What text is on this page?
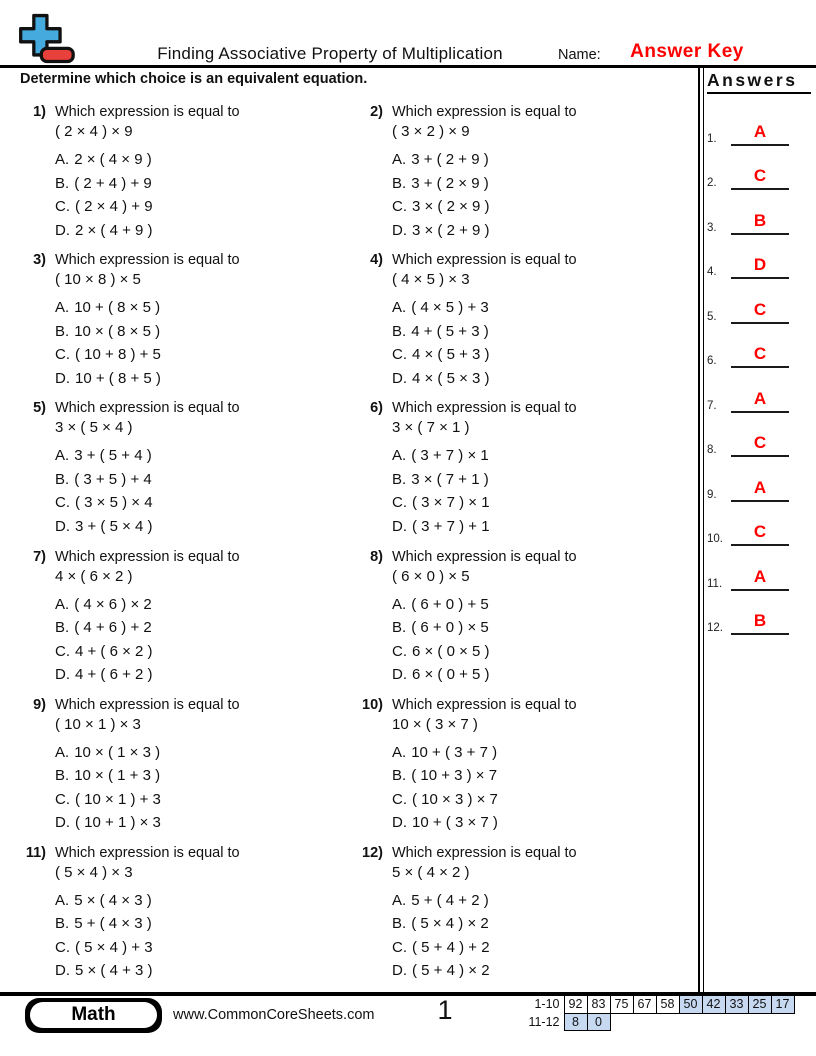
Finding Associative Property of Multiplication	Name:	Answer Key
Determine which choice is an equivalent equation.	Answers
1.	A
2.	C
3.	B
4.	D
5.	C
6.	C
7.	A
8.	C
9.	A
10.	C
11.	A
12.	B
1) Which expression is equal to
( 2 × 4 ) × 9
A. 2 × ( 4 × 9 )
B. ( 2 + 4 ) + 9
C. ( 2 × 4 ) + 9
D. 2 × ( 4 + 9 )
2) Which expression is equal to
( 3 × 2 ) × 9
A. 3 + ( 2 + 9 )
B. 3 + ( 2 × 9 )
C. 3 × ( 2 × 9 )
D. 3 × ( 2 + 9 )
3) Which expression is equal to
( 10 × 8 ) × 5
A. 10 + ( 8 × 5 )
B. 10 × ( 8 × 5 )
C. ( 10 + 8 ) + 5
D. 10 + ( 8 + 5 )
4) Which expression is equal to
( 4 × 5 ) × 3
A. ( 4 × 5 ) + 3
B. 4 + ( 5 + 3 )
C. 4 × ( 5 + 3 )
D. 4 × ( 5 × 3 )
5) Which expression is equal to
3 × ( 5 × 4 )
A. 3 + ( 5 + 4 )
B. ( 3 + 5 ) + 4
C. ( 3 × 5 ) × 4
D. 3 + ( 5 × 4 )
6) Which expression is equal to
3 × ( 7 × 1 )
A. ( 3 + 7 ) × 1
B. 3 × ( 7 + 1 )
C. ( 3 × 7 ) × 1
D. ( 3 + 7 ) + 1
7) Which expression is equal to
4 × ( 6 × 2 )
A. ( 4 × 6 ) × 2
B. ( 4 + 6 ) + 2
C. 4 + ( 6 × 2 )
D. 4 + ( 6 + 2 )
8) Which expression is equal to
( 6 × 0 ) × 5
A. ( 6 + 0 ) + 5
B. ( 6 + 0 ) × 5
C. 6 × ( 0 × 5 )
D. 6 × ( 0 + 5 )
9) Which expression is equal to
( 10 × 1 ) × 3
A. 10 × ( 1 × 3 )
B. 10 × ( 1 + 3 )
C. ( 10 × 1 ) + 3
D. ( 10 + 1 ) × 3
10) Which expression is equal to
10 × ( 3 × 7 )
A. 10 + ( 3 + 7 )
B. ( 10 + 3 ) × 7
C. ( 10 × 3 ) × 7
D. 10 + ( 3 × 7 )
11) Which expression is equal to
( 5 × 4 ) × 3
A. 5 × ( 4 × 3 )
B. 5 + ( 4 × 3 )
C. ( 5 × 4 ) + 3
D. 5 × ( 4 + 3 )
12) Which expression is equal to
5 × ( 4 × 2 )
A. 5 + ( 4 + 2 )
B. ( 5 × 4 ) × 2
C. ( 5 + 4 ) + 2
D. ( 5 + 4 ) × 2
Math	www.CommonCoreSheets.com	1	1-10	92	83	75	67	58	50	42	33	25	17
11-12	8	0								
